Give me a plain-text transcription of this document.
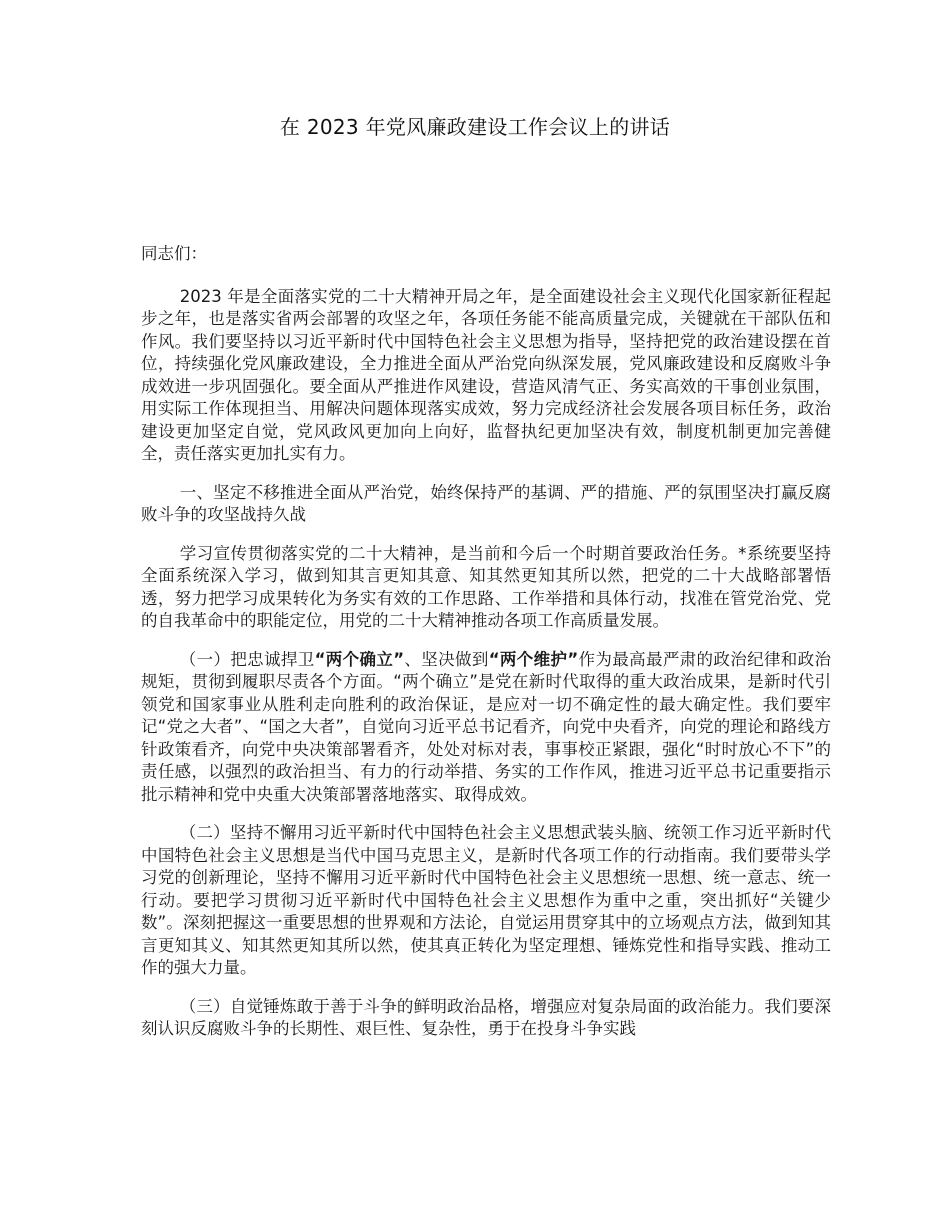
在 2023 年党风廉政建设工作会议上的讲话

同志们：

2023 年是全面落实党的二十大精神开局之年，是全面建设社会主义现代化国家新征程起步之年，也是落实省两会部署的攻坚之年，各项任务能不能高质量完成，关键就在干部队伍和作风。我们要坚持以习近平新时代中国特色社会主义思想为指导，坚持把党的政治建设摆在首位，持续强化党风廉政建设，全力推进全面从严治党向纵深发展，党风廉政建设和反腐败斗争成效进一步巩固强化。要全面从严推进作风建设，营造风清气正、务实高效的干事创业氛围，用实际工作体现担当、用解决问题体现落实成效，努力完成经济社会发展各项目标任务，政治建设更加坚定自觉，党风政风更加向上向好，监督执纪更加坚决有效，制度机制更加完善健全，责任落实更加扎实有力。

一、坚定不移推进全面从严治党，始终保持严的基调、严的措施、严的氛围坚决打赢反腐败斗争的攻坚战持久战

学习宣传贯彻落实党的二十大精神，是当前和今后一个时期首要政治任务。*系统要坚持全面系统深入学习，做到知其言更知其意、知其然更知其所以然，把党的二十大战略部署悟透，努力把学习成果转化为务实有效的工作思路、工作举措和具体行动，找准在管党治党、党的自我革命中的职能定位，用党的二十大精神推动各项工作高质量发展。

（一）把忠诚捍卫“两个确立”、坚决做到“两个维护”作为最高最严肃的政治纪律和政治规矩，贯彻到履职尽责各个方面。“两个确立”是党在新时代取得的重大政治成果，是新时代引领党和国家事业从胜利走向胜利的政治保证，是应对一切不确定性的最大确定性。我们要牢记“党之大者”、“国之大者”，自觉向习近平总书记看齐，向党中央看齐，向党的理论和路线方针政策看齐，向党中央决策部署看齐，处处对标对表，事事校正紧跟，强化“时时放心不下”的责任感，以强烈的政治担当、有力的行动举措、务实的工作作风，推进习近平总书记重要指示批示精神和党中央重大决策部署落地落实、取得成效。

（二）坚持不懈用习近平新时代中国特色社会主义思想武装头脑、统领工作习近平新时代中国特色社会主义思想是当代中国马克思主义，是新时代各项工作的行动指南。我们要带头学习党的创新理论，坚持不懈用习近平新时代中国特色社会主义思想统一思想、统一意志、统一行动。要把学习贯彻习近平新时代中国特色社会主义思想作为重中之重，突出抓好“关键少数”。深刻把握这一重要思想的世界观和方法论，自觉运用贯穿其中的立场观点方法，做到知其言更知其义、知其然更知其所以然，使其真正转化为坚定理想、锤炼党性和指导实践、推动工作的强大力量。

（三）自觉锤炼敢于善于斗争的鲜明政治品格，增强应对复杂局面的政治能力。我们要深刻认识反腐败斗争的长期性、艰巨性、复杂性，勇于在投身斗争实践
